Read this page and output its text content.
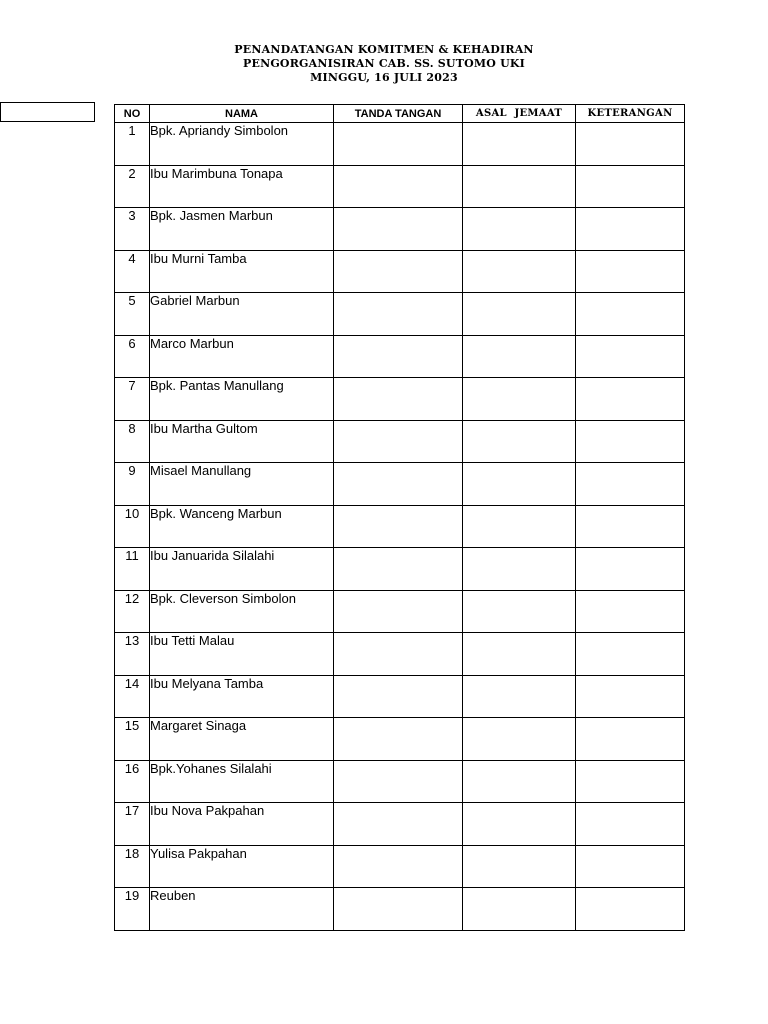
PENANDATANGAN KOMITMEN & KEHADIRAN
PENGORGANISIRAN CAB. SS. SUTOMO UKI
MINGGU, 16 JULI 2023
NO	NAMA	TANDA TANGAN	ASAL  JEMAAT	KETERANGAN
1	Bpk. Apriandy Simbolon			
2	Ibu Marimbuna Tonapa			
3	Bpk. Jasmen Marbun			
4	Ibu Murni Tamba			
5	Gabriel Marbun			
6	Marco Marbun			
7	Bpk. Pantas Manullang			
8	Ibu Martha Gultom			
9	Misael Manullang			
10	Bpk. Wanceng Marbun			
11	Ibu Januarida Silalahi			
12	Bpk. Cleverson Simbolon			
13	Ibu Tetti Malau			
14	Ibu Melyana Tamba			
15	Margaret Sinaga			
16	Bpk.Yohanes Silalahi			
17	Ibu Nova Pakpahan			
18	Yulisa Pakpahan			
19	Reuben			
